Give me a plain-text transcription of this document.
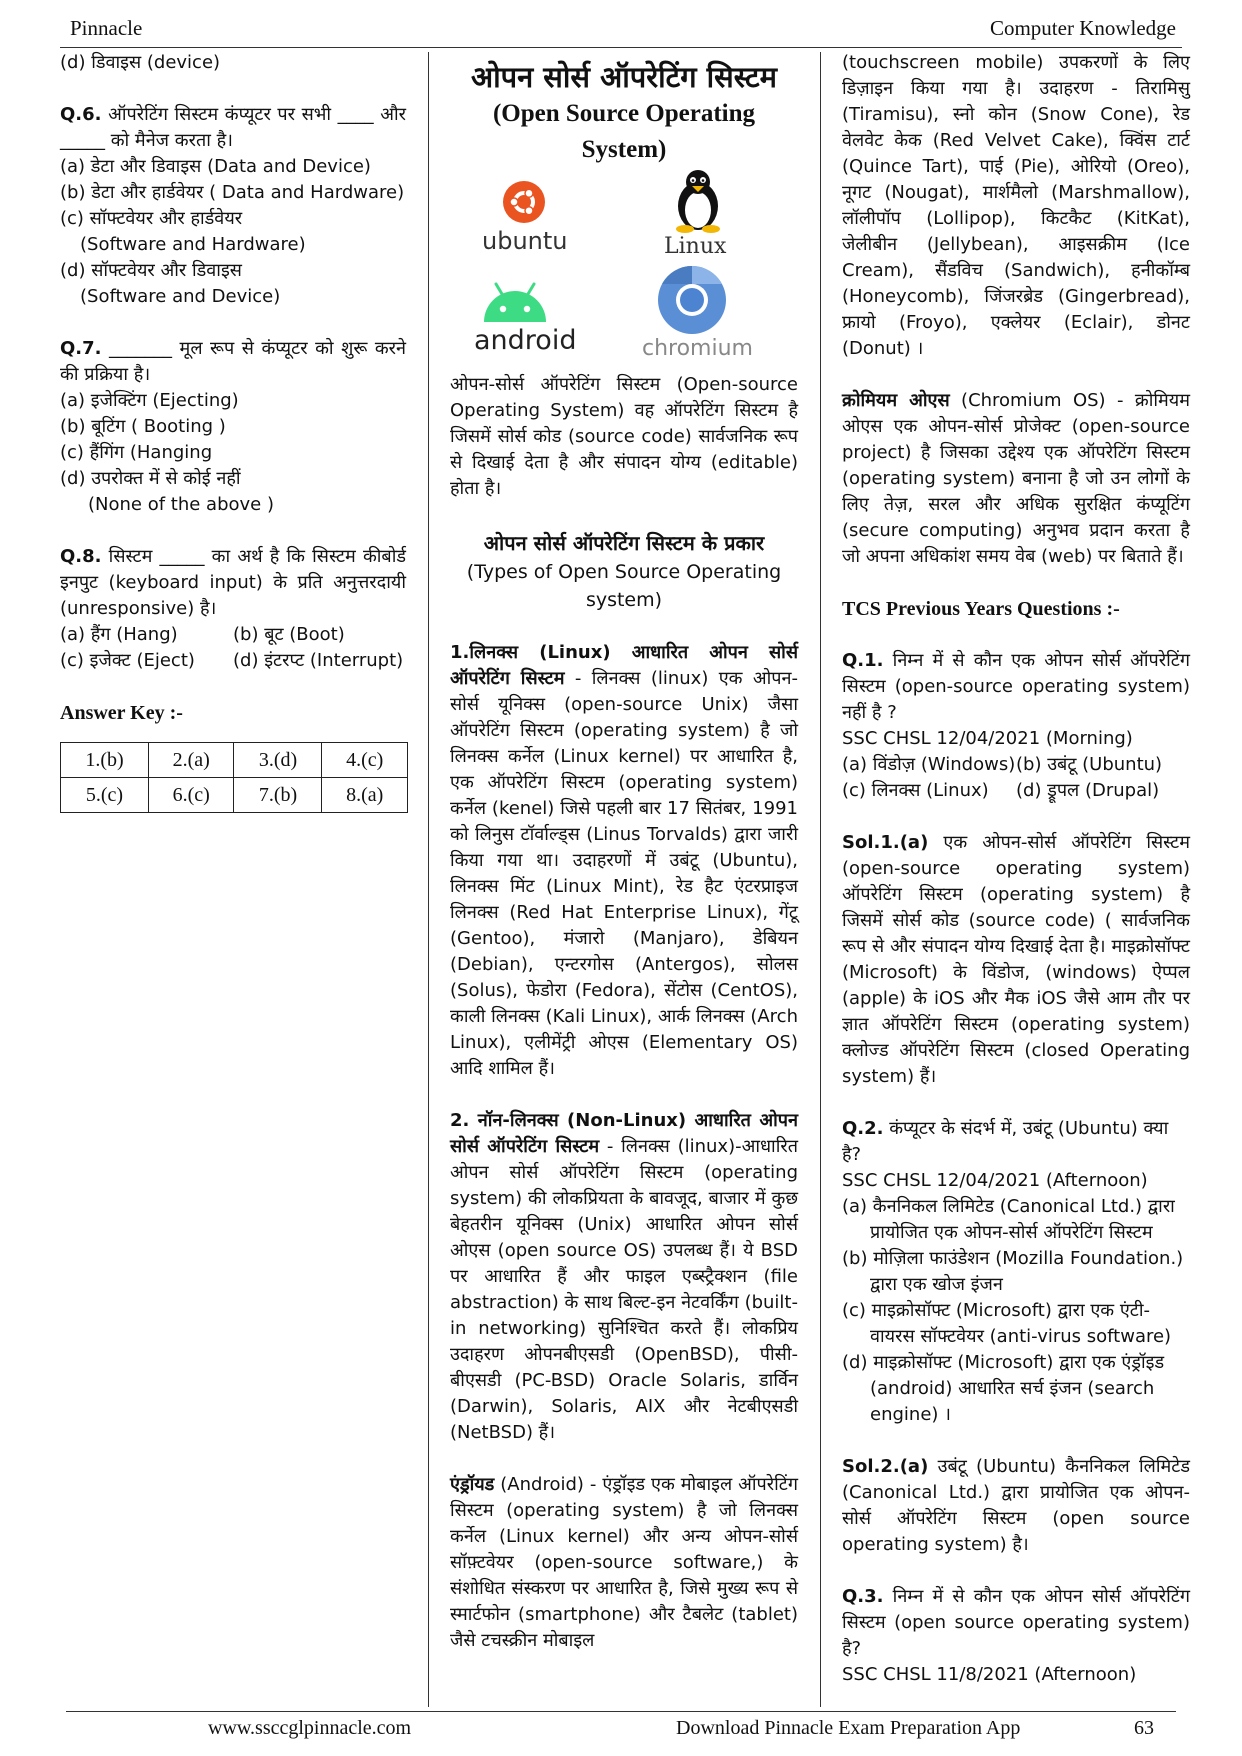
Pinnacle	Computer Knowledge

(d) डिवाइस (device)

Q.6. ऑपरेटिंग सिस्टम कंप्यूटर पर सभी ____ और _____ को मैनेज करता है।

(a) डेटा और डिवाइस (Data and Device)

(b) डेटा और हार्डवेयर ( Data and Hardware)

(c) सॉफ्टवेयर और हार्डवेयर

(Software and Hardware)

(d) सॉफ्टवेयर और डिवाइस

(Software and Device)

Q.7. _______ मूल रूप से कंप्यूटर को शुरू करने की प्रक्रिया है।

(a) इजेक्टिंग (Ejecting)

(b) बूटिंग ( Booting )

(c) हैंगिंग (Hanging

(d) उपरोक्त में से कोई नहीं

(None of the above )

Q.8. सिस्टम _____ का अर्थ है कि सिस्टम कीबोर्ड इनपुट (keyboard input) के प्रति अनुत्तरदायी (unresponsive) है।

(a) हैंग (Hang)	(b) बूट (Boot)

(c) इजेक्ट (Eject)	(d) इंटरप्ट (Interrupt)

Answer Key :-

1.(b)	2.(a)	3.(d)	4.(c)
5.(c)	6.(c)	7.(b)	8.(a)

ओपन सोर्स ऑपरेटिंग सिस्टम

(Open Source Operating

System)

ubuntu	Linux
android	chromium

ओपन-सोर्स ऑपरेटिंग सिस्टम (Open-source Operating System) वह ऑपरेटिंग सिस्टम है जिसमें सोर्स कोड (source code) सार्वजनिक रूप से दिखाई देता है और संपादन योग्य (editable) होता है।

ओपन सोर्स ऑपरेटिंग सिस्टम के प्रकार

(Types of Open Source Operating system)

1.लिनक्स (Linux) आधारित ओपन सोर्स ऑपरेटिंग सिस्टम - लिनक्स (linux) एक ओपन-सोर्स यूनिक्स (open-source Unix) जैसा ऑपरेटिंग सिस्टम (operating system) है जो लिनक्स कर्नेल (Linux kernel) पर आधारित है, एक ऑपरेटिंग सिस्टम (operating system) कर्नेल (kenel) जिसे पहली बार 17 सितंबर, 1991 को लिनुस टॉर्वाल्ड्स (Linus Torvalds) द्वारा जारी किया गया था। उदाहरणों में उबंटू (Ubuntu), लिनक्स मिंट (Linux Mint), रेड हैट एंटरप्राइज लिनक्स (Red Hat Enterprise Linux), गेंटू (Gentoo), मंजारो (Manjaro), डेबियन (Debian), एन्टरगोस (Antergos), सोलस (Solus), फेडोरा (Fedora), सेंटोस (CentOS), काली लिनक्स (Kali Linux), आर्क लिनक्स (Arch Linux), एलीमेंट्री ओएस (Elementary OS) आदि शामिल हैं।

2. नॉन-लिनक्स (Non-Linux) आधारित ओपन सोर्स ऑपरेटिंग सिस्टम - लिनक्स (linux)-आधारित ओपन सोर्स ऑपरेटिंग सिस्टम (operating system) की लोकप्रियता के बावजूद, बाजार में कुछ बेहतरीन यूनिक्स (Unix) आधारित ओपन सोर्स ओएस (open source OS) उपलब्ध हैं। ये BSD पर आधारित हैं और फाइल एब्स्ट्रैक्शन (file abstraction) के साथ बिल्ट-इन नेटवर्किंग (built-in networking) सुनिश्चित करते हैं। लोकप्रिय उदाहरण ओपनबीएसडी (OpenBSD), पीसी-बीएसडी (PC-BSD) Oracle Solaris, डार्विन (Darwin), Solaris, AIX और नेटबीएसडी (NetBSD) हैं।

एंड्रॉयड (Android) - एंड्रॉइड एक मोबाइल ऑपरेटिंग सिस्टम (operating system) है जो लिनक्स कर्नेल (Linux kernel) और अन्य ओपन-सोर्स सॉफ़्टवेयर (open-source software,) के संशोधित संस्करण पर आधारित है, जिसे मुख्य रूप से स्मार्टफोन (smartphone) और टैबलेट (tablet) जैसे टचस्क्रीन मोबाइल

(touchscreen mobile) उपकरणों के लिए डिज़ाइन किया गया है। उदाहरण - तिरामिसु (Tiramisu), स्नो कोन (Snow Cone), रेड वेलवेट केक (Red Velvet Cake), क्विंस टार्ट (Quince Tart), पाई (Pie), ओरियो (Oreo), नूगट (Nougat), मार्शमैलो (Marshmallow), लॉलीपॉप (Lollipop), किटकैट (KitKat), जेलीबीन (Jellybean), आइसक्रीम (Ice Cream), सैंडविच (Sandwich), हनीकॉम्ब (Honeycomb), जिंजरब्रेड (Gingerbread), फ्रायो (Froyo), एक्लेयर (Eclair), डोनट (Donut) ।

क्रोमियम ओएस (Chromium OS) - क्रोमियम ओएस एक ओपन-सोर्स प्रोजेक्ट (open-source project) है जिसका उद्देश्य एक ऑपरेटिंग सिस्टम (operating system) बनाना है जो उन लोगों के लिए तेज़, सरल और अधिक सुरक्षित कंप्यूटिंग (secure computing) अनुभव प्रदान करता है जो अपना अधिकांश समय वेब (web) पर बिताते हैं।

TCS Previous Years Questions :-

Q.1. निम्न में से कौन एक ओपन सोर्स ऑपरेटिंग सिस्टम (open-source operating system) नहीं है ?

SSC CHSL 12/04/2021 (Morning)

(a) विंडोज़ (Windows) (b) उबंटू (Ubuntu)

(c) लिनक्स (Linux)	(d) ड्रूपल (Drupal)

Sol.1.(a) एक ओपन-सोर्स ऑपरेटिंग सिस्टम (open-source operating system) ऑपरेटिंग सिस्टम (operating system) है जिसमें सोर्स कोड (source code) ( सार्वजनिक रूप से और संपादन योग्य दिखाई देता है। माइक्रोसॉफ्ट (Microsoft) के विंडोज, (windows) ऐप्पल (apple) के iOS और मैक iOS जैसे आम तौर पर ज्ञात ऑपरेटिंग सिस्टम (operating system) क्लोज्ड ऑपरेटिंग सिस्टम (closed Operating system) हैं।

Q.2. कंप्यूटर के संदर्भ में, उबंटू (Ubuntu) क्या है?

SSC CHSL 12/04/2021 (Afternoon)

(a) कैननिकल लिमिटेड (Canonical Ltd.) द्वारा प्रायोजित एक ओपन-सोर्स ऑपरेटिंग सिस्टम

(b) मोज़िला फाउंडेशन (Mozilla Foundation.) द्वारा एक खोज इंजन

(c) माइक्रोसॉफ्ट (Microsoft) द्वारा एक एंटी-वायरस सॉफ्टवेयर (anti-virus software)

(d) माइक्रोसॉफ्ट (Microsoft) द्वारा एक एंड्रॉइड (android) आधारित सर्च इंजन (search engine) ।

Sol.2.(a) उबंटू (Ubuntu) कैननिकल लिमिटेड (Canonical Ltd.) द्वारा प्रायोजित एक ओपन-सोर्स ऑपरेटिंग सिस्टम (open source operating system) है।

Q.3. निम्न में से कौन एक ओपन सोर्स ऑपरेटिंग सिस्टम (open source operating system) है?

SSC CHSL 11/8/2021 (Afternoon)

www.ssccglpinnacle.com	Download Pinnacle Exam Preparation App	63
